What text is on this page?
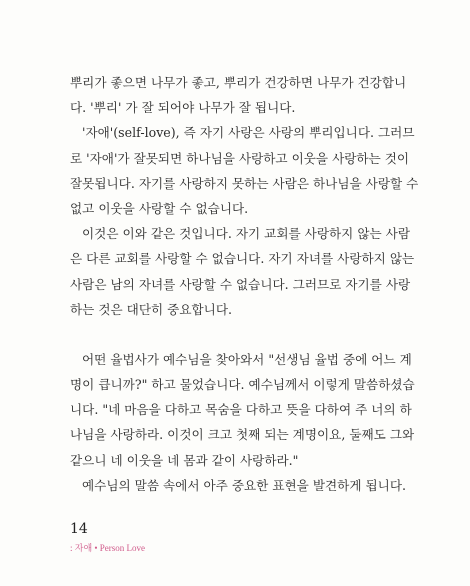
뿌리가 좋으면 나무가 좋고, 뿌리가 건강하면 나무가 건강합니
다. '뿌리' 가 잘 되어야 나무가 잘 됩니다.
'자애'(self-love), 즉 자기 사랑은 사랑의 뿌리입니다. 그러므
로 '자애'가 잘못되면 하나님을 사랑하고 이웃을 사랑하는 것이
잘못됩니다. 자기를 사랑하지 못하는 사람은 하나님을 사랑할 수
없고 이웃을 사랑할 수 없습니다.
이것은 이와 같은 것입니다. 자기 교회를 사랑하지 않는 사람
은 다른 교회를 사랑할 수 없습니다. 자기 자녀를 사랑하지 않는
사람은 남의 자녀를 사랑할 수 없습니다. 그러므로 자기를 사랑
하는 것은 대단히 중요합니다.
어떤 율법사가 예수님을 찾아와서 "선생님 율법 중에 어느 계
명이 큽니까?" 하고 물었습니다. 예수님께서 이렇게 말씀하셨습
니다. "네 마음을 다하고 목숨을 다하고 뜻을 다하여 주 너의 하
나님을 사랑하라. 이것이 크고 첫째 되는 계명이요, 둘째도 그와
같으니 네 이웃을 네 몸과 같이 사랑하라."
예수님의 말씀 속에서 아주 중요한 표현을 발견하게 됩니다.
14
: 자애 • Person Love
